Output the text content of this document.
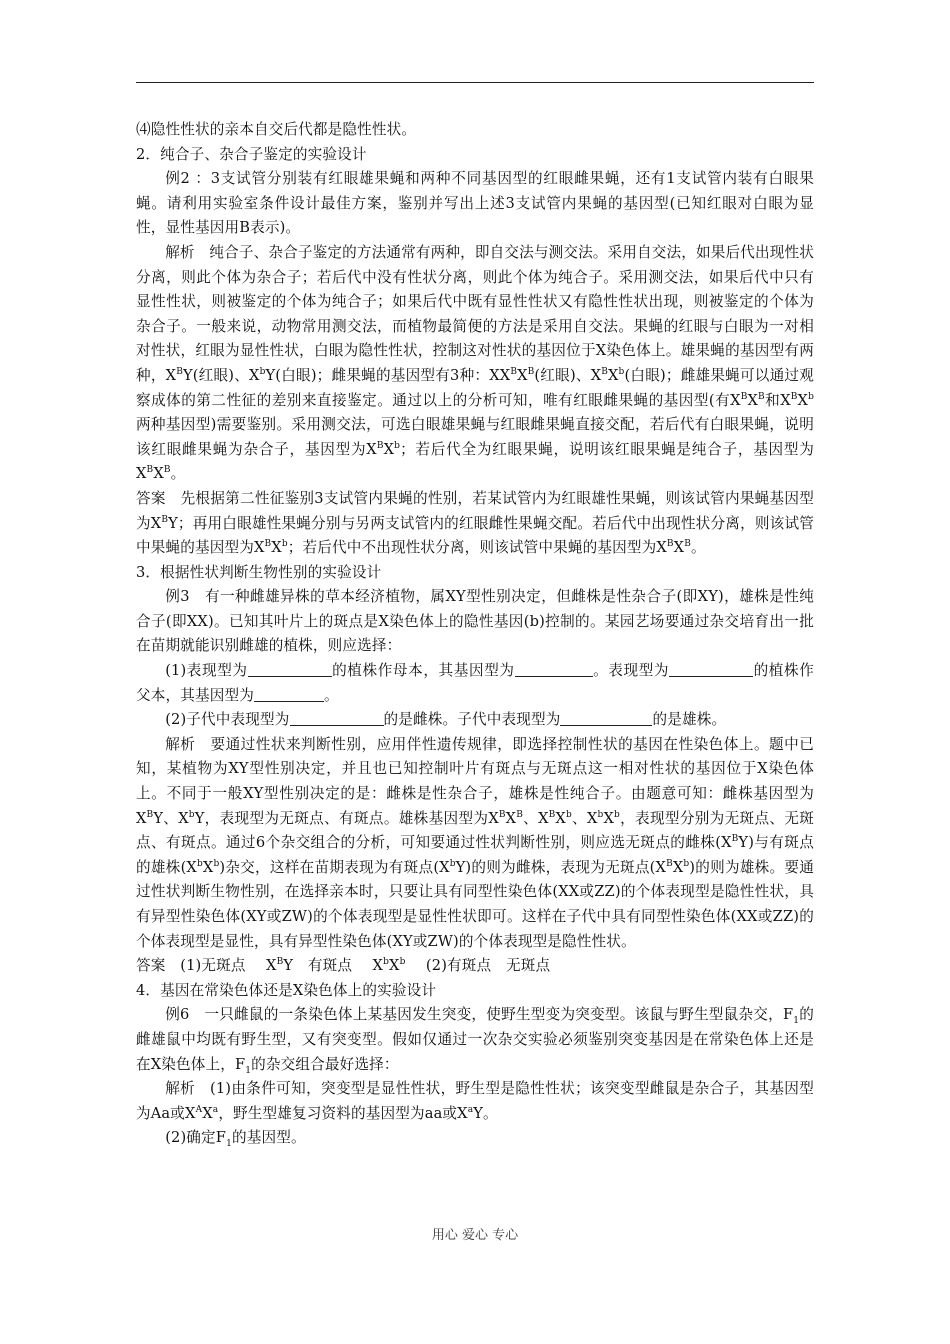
⑷隐性性状的亲本自交后代都是隐性性状。

2．纯合子、杂合子鉴定的实验设计

例2 ：3支试管分别装有红眼雄果蝇和两种不同基因型的红眼雌果蝇，还有1支试管内装有白眼果蝇。请利用实验室条件设计最佳方案，鉴别并写出上述3支试管内果蝇的基因型(已知红眼对白眼为显性，显性基因用B表示)。

解析　纯合子、杂合子鉴定的方法通常有两种，即自交法与测交法。采用自交法，如果后代出现性状分离，则此个体为杂合子；若后代中没有性状分离，则此个体为纯合子。采用测交法，如果后代中只有显性性状，则被鉴定的个体为纯合子；如果后代中既有显性性状又有隐性性状出现，则被鉴定的个体为杂合子。一般来说，动物常用测交法，而植物最简便的方法是采用自交法。果蝇的红眼与白眼为一对相对性状，红眼为显性性状，白眼为隐性性状，控制这对性状的基因位于X染色体上。雄果蝇的基因型有两种，$X^BY$(红眼)、$X^bY$(白眼)；雌果蝇的基因型有3种：$XX^BX^B$(红眼)、$X^BX^b$(白眼)；雌雄果蝇可以通过观察成体的第二性征的差别来直接鉴定。通过以上的分析可知，唯有红眼雌果蝇的基因型(有$X^BX^B$和$X^BX^b$两种基因型)需要鉴别。采用测交法，可选白眼雄果蝇与红眼雌果蝇直接交配，若后代有白眼果蝇，说明该红眼雌果蝇为杂合子，基因型为$X^BX^b$；若后代全为红眼果蝇，说明该红眼果蝇是纯合子，基因型为$X^BX^B$。

答案　先根据第二性征鉴别3支试管内果蝇的性别，若某试管内为红眼雄性果蝇，则该试管内果蝇基因型为$X^BY$；再用白眼雄性果蝇分别与另两支试管内的红眼雌性果蝇交配。若后代中出现性状分离，则该试管中果蝇的基因型为$X^BX^b$；若后代中不出现性状分离，则该试管中果蝇的基因型为$X^BX^B$。

3．根据性状判断生物性别的实验设计

例3　有一种雌雄异株的草本经济植物，属XY型性别决定，但雌株是性杂合子(即XY)，雄株是性纯合子(即XX)。已知其叶片上的斑点是X染色体上的隐性基因(b)控制的。某园艺场要通过杂交培育出一批在苗期就能识别雌雄的植株，则应选择：

(1)表现型为	的植株作母本，其基因型为	。表现型为	的植株作父本，其基因型为	。

(2)子代中表现型为	的是雌株。子代中表现型为	的是雄株。

解析　要通过性状来判断性别，应用伴性遗传规律，即选择控制性状的基因在性染色体上。题中已知，某植物为XY型性别决定，并且也已知控制叶片有斑点与无斑点这一相对性状的基因位于X染色体上。不同于一般XY型性别决定的是：雌株是性杂合子，雄株是性纯合子。由题意可知：雌株基因型为$X^BY$、$X^bY$，表现型为无斑点、有斑点。雄株基因型为$X^BX^B$、$X^BX^b$、$X^bX^b$，表现型分别为无斑点、无斑点、有斑点。通过6个杂交组合的分析，可知要通过性状判断性别，则应选无斑点的雌株$(X^BY)$与有斑点的雄株$(X^bX^b)$杂交，这样在苗期表现为有斑点$(X^bY)$的则为雌株，表现为无斑点$(X^BX^b)$的则为雄株。要通过性状判断生物性别，在选择亲本时，只要让具有同型性染色体(XX或ZZ)的个体表现型是隐性性状，具有异型性染色体(XY或ZW)的个体表现型是显性性状即可。这样在子代中具有同型性染色体(XX或ZZ)的个体表现型是显性，具有异型性染色体(XY或ZW)的个体表现型是隐性性状。

答案　(1)无斑点 $X^BY$　有斑点 $X^bX^b$ (2)有斑点　无斑点

4．基因在常染色体还是X染色体上的实验设计

例6　一只雌鼠的一条染色体上某基因发生突变，使野生型变为突变型。该鼠与野生型鼠杂交，$F_1$的雌雄鼠中均既有野生型，又有突变型。假如仅通过一次杂交实验必须鉴别突变基因是在常染色体上还是在X染色体上，$F_1$的杂交组合最好选择：

解析　(1)由条件可知，突变型是显性性状，野生型是隐性性状；该突变型雌鼠是杂合子，其基因型为Aa或$X^AX^a$，野生型雄复习资料的基因型为aa或$X^aY$。

(2)确定$F_1$的基因型。

用心 爱心 专心
